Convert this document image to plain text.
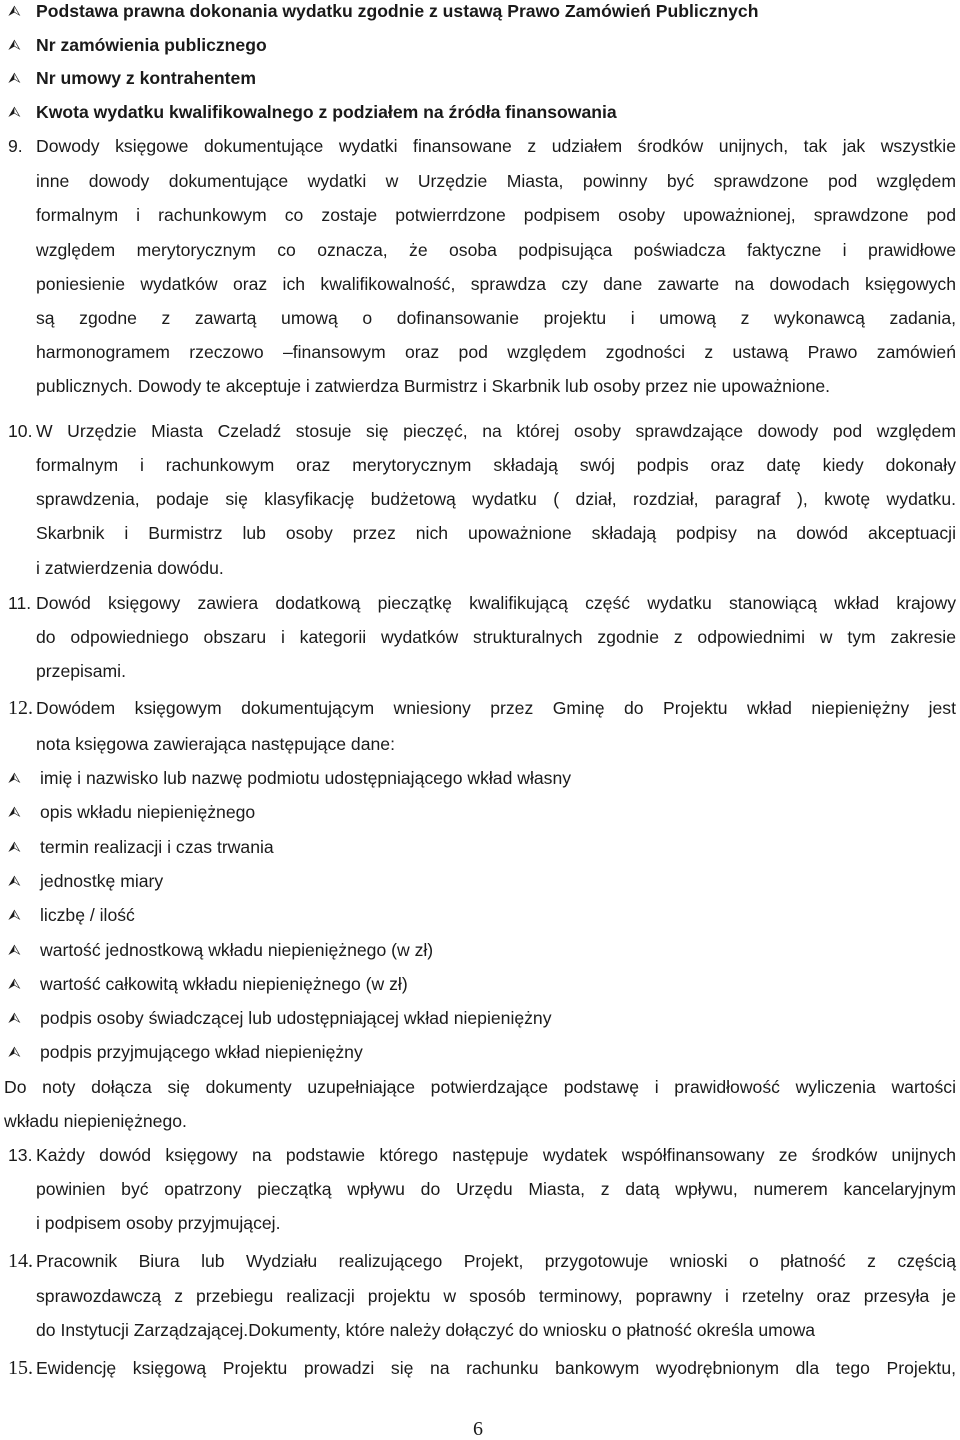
⮙ Podstawa prawna dokonania wydatku zgodnie z ustawą Prawo Zamówień Publicznych
⮙ Nr zamówienia publicznego
⮙ Nr umowy z kontrahentem
⮙ Kwota wydatku kwalifikowalnego z podziałem na źródła finansowania
9. Dowody księgowe dokumentujące wydatki finansowane z udziałem środków unijnych, tak jak wszystkie
inne dowody dokumentujące wydatki w Urzędzie Miasta, powinny być sprawdzone pod względem
formalnym i rachunkowym co zostaje potwierrdzone podpisem osoby upoważnionej, sprawdzone pod
względem merytorycznym co oznacza, że osoba podpisująca poświadcza faktyczne i prawidłowe
poniesienie wydatków oraz ich kwalifikowalność, sprawdza czy dane zawarte na dowodach księgowych
są zgodne z zawartą umową o dofinansowanie projektu i umową z wykonawcą zadania,
harmonogramem rzeczowo –finansowym oraz pod względem zgodności z ustawą Prawo zamówień
publicznych. Dowody te akceptuje i zatwierdza Burmistrz i Skarbnik lub osoby przez nie upoważnione.
10. W Urzędzie Miasta Czeladź stosuje się pieczęć, na której osoby sprawdzające dowody pod względem
formalnym i rachunkowym oraz merytorycznym składają swój podpis oraz datę kiedy dokonały
sprawdzenia, podaje się klasyfikację budżetową wydatku ( dział, rozdział, paragraf ), kwotę wydatku.
Skarbnik i Burmistrz lub osoby przez nich upoważnione składają podpisy na dowód akceptuacji
i zatwierdzenia dowódu.
11. Dowód księgowy zawiera dodatkową pieczątkę kwalifikującą część wydatku stanowiącą wkład krajowy
do odpowiedniego obszaru i kategorii wydatków strukturalnych zgodnie z odpowiednimi w tym zakresie
przepisami.
12. Dowódem księgowym dokumentującym wniesiony przez Gminę do Projektu wkład niepieniężny jest
nota księgowa zawierająca następujące dane:
⮙ imię i nazwisko lub nazwę podmiotu udostępniającego wkład własny
⮙ opis wkładu niepieniężnego
⮙ termin realizacji i czas trwania
⮙ jednostkę miary
⮙ liczbę / ilość
⮙ wartość jednostkową wkładu niepieniężnego (w zł)
⮙ wartość całkowitą wkładu niepieniężnego (w zł)
⮙ podpis osoby świadczącej lub udostępniającej wkład niepieniężny
⮙ podpis przyjmującego wkład niepieniężny
Do noty dołącza się dokumenty uzupełniające potwierdzające podstawę i prawidłowość wyliczenia wartości
wkładu niepieniężnego.
13. Każdy dowód księgowy na podstawie którego następuje wydatek współfinansowany ze środków unijnych
powinien być opatrzony pieczątką wpływu do Urzędu Miasta, z datą wpływu, numerem kancelaryjnym
i podpisem osoby przyjmującej.
14. Pracownik Biura lub Wydziału realizującego Projekt, przygotowuje wnioski o płatność z częścią
sprawozdawczą z przebiegu realizacji projektu w sposób terminowy, poprawny i rzetelny oraz przesyła je
do Instytucji Zarządzającej.Dokumenty, które należy dołączyć do wniosku o płatność określa umowa
15. Ewidencję księgową Projektu prowadzi się na rachunku bankowym wyodrębnionym dla tego Projektu,
6
